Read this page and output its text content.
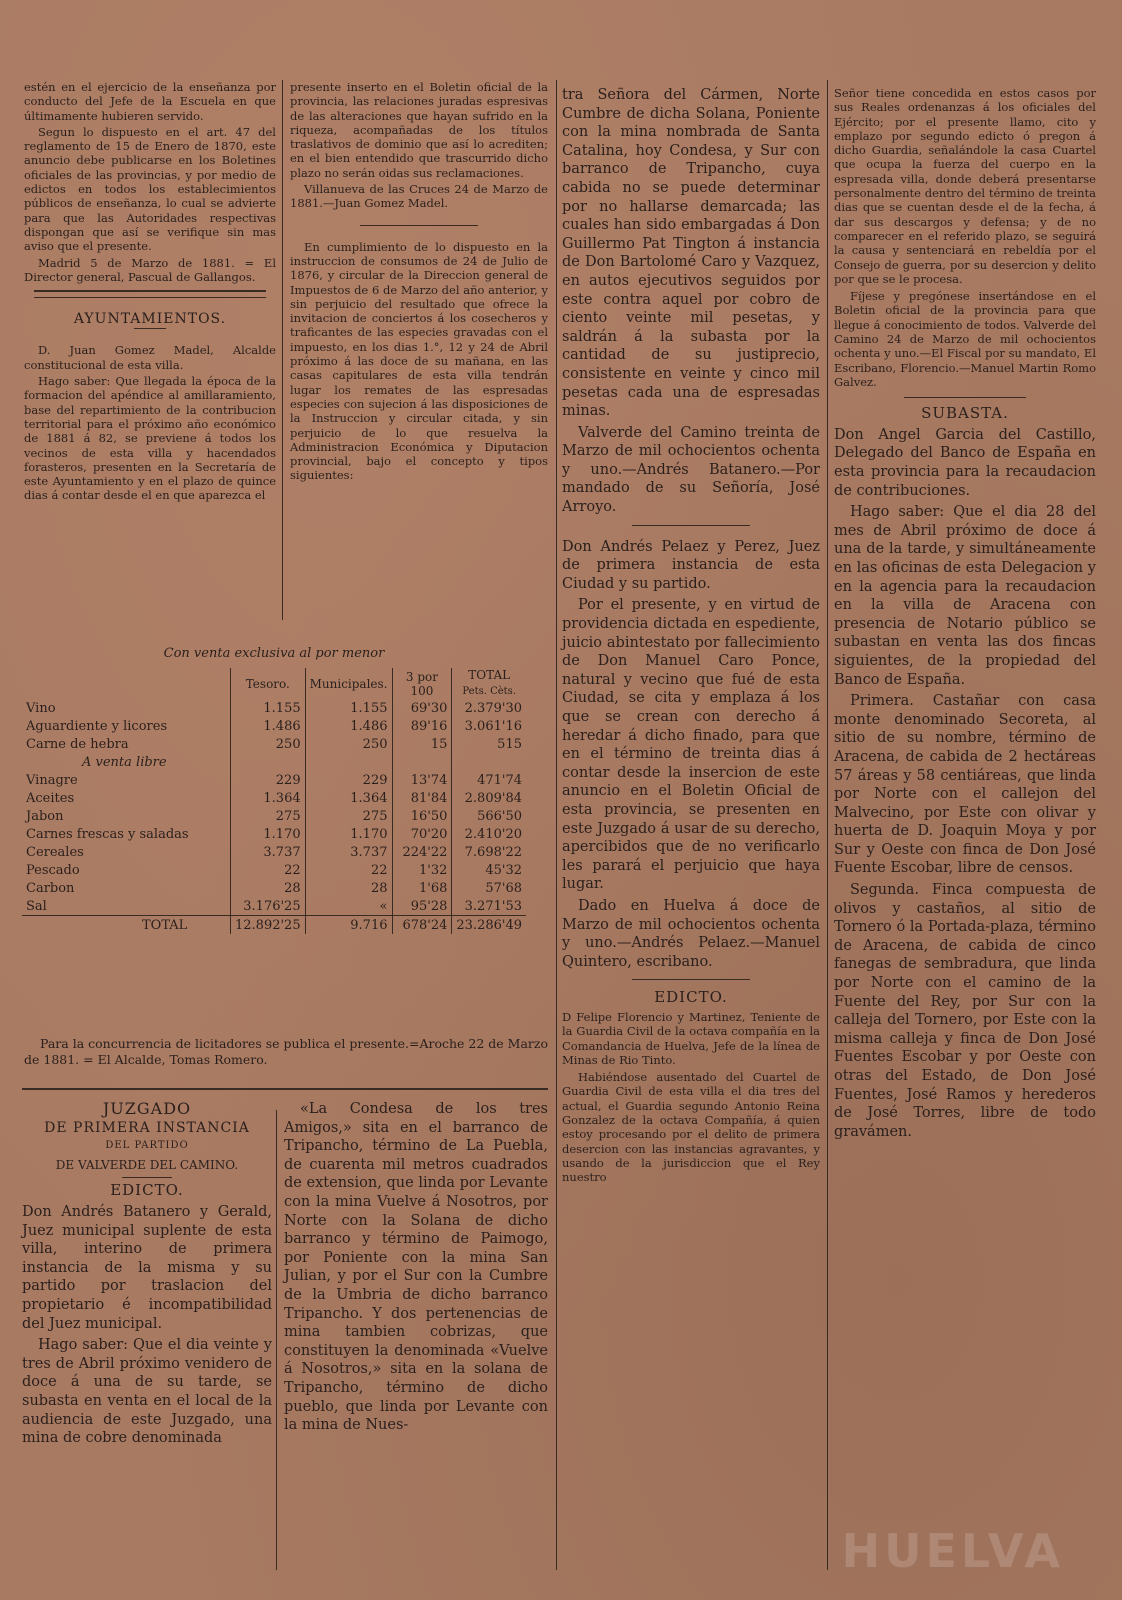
estén en el ejercicio de la enseñanza por conducto del Jefe de la Escuela en que últimamente hubieren servido.

Segun lo dispuesto en el art. 47 del reglamento de 15 de Enero de 1870, este anuncio debe publicarse en los Boletines oficiales de las provincias, y por medio de edictos en todos los establecimientos públicos de enseñanza, lo cual se advierte para que las Autoridades respectivas dispongan que así se verifique sin mas aviso que el presente.

Madrid 5 de Marzo de 1881. = El Director general, Pascual de Gallangos.

AYUNTAMIENTOS.

D. Juan Gomez Madel, Alcalde constitucional de esta villa.

Hago saber: Que llegada la época de la formacion del apéndice al amillaramiento, base del repartimiento de la contribucion territorial para el próximo año económico de 1881 á 82, se previene á todos los vecinos de esta villa y hacendados forasteros, presenten en la Secretaría de este Ayuntamiento y en el plazo de quince dias á contar desde el en que aparezca el

presente inserto en el Boletin oficial de la provincia, las relaciones juradas espresivas de las alteraciones que hayan sufrido en la riqueza, acompañadas de los títulos traslativos de dominio que así lo acrediten; en el bien entendido que trascurrido dicho plazo no serán oidas sus reclamaciones.

Villanueva de las Cruces 24 de Marzo de 1881.—Juan Gomez Madel.

En cumplimiento de lo dispuesto en la instruccion de consumos de 24 de Julio de 1876, y circular de la Direccion general de Impuestos de 6 de Marzo del año anterior, y sin perjuicio del resultado que ofrece la invitacion de conciertos á los cosecheros y traficantes de las especies gravadas con el impuesto, en los dias 1.°, 12 y 24 de Abril próximo á las doce de su mañana, en las casas capitulares de esta villa tendrán lugar los remates de las espresadas especies con sujecion á las disposiciones de la Instruccion y circular citada, y sin perjuicio de lo que resuelva la Administracion Económica y Diputacion provincial, bajo el concepto y tipos siguientes:

Con venta exclusiva al por menor
	Tesoro.	Municipales.	3 por 100	TOTAL
Pets. Cèts.
Vino	1.155	1.155	69'30	2.379'30
Aguardiente y licores	1.486	1.486	89'16	3.061'16
Carne de hebra	250	250	15	515
A venta libre				
Vinagre	229	229	13'74	471'74
Aceites	1.364	1.364	81'84	2.809'84
Jabon	275	275	16'50	566'50
Carnes frescas y saladas	1.170	1.170	70'20	2.410'20
Cereales	3.737	3.737	224'22	7.698'22
Pescado	22	22	1'32	45'32
Carbon	28	28	1'68	57'68
Sal	3.176'25	«	95'28	3.271'53
TOTAL	12.892'25	9.716	678'24	23.286'49
Para la concurrencia de licitadores se publica el presente.=Aroche 22 de Marzo de 1881. = El Alcalde, Tomas Romero.

JUZGADO

DE PRIMERA INSTANCIA

DEL PARTIDO

DE VALVERDE DEL CAMINO.

EDICTO.

Don Andrés Batanero y Gerald, Juez municipal suplente de esta villa, interino de primera instancia de la misma y su partido por traslacion del propietario é incompatibilidad del Juez municipal.

Hago saber: Que el dia veinte y tres de Abril próximo venidero de doce á una de su tarde, se subasta en venta en el local de la audiencia de este Juzgado, una mina de cobre denominada

«La Condesa de los tres Amigos,» sita en el barranco de Tripancho, término de La Puebla, de cuarenta mil metros cuadrados de extension, que linda por Levante con la mina Vuelve á Nosotros, por Norte con la Solana de dicho barranco y término de Paimogo, por Poniente con la mina San Julian, y por el Sur con la Cumbre de la Umbria de dicho barranco Tripancho. Y dos pertenencias de mina tambien cobrizas, que constituyen la denominada «Vuelve á Nosotros,» sita en la solana de Tripancho, término de dicho pueblo, que linda por Levante con la mina de Nues-

tra Señora del Cármen, Norte Cumbre de dicha Solana, Poniente con la mina nombrada de Santa Catalina, hoy Condesa, y Sur con barranco de Tripancho, cuya cabida no se puede determinar por no hallarse demarcada; las cuales han sido embargadas á Don Guillermo Pat Tington á instancia de Don Bartolomé Caro y Vazquez, en autos ejecutivos seguidos por este contra aquel por cobro de ciento veinte mil pesetas, y saldrán á la subasta por la cantidad de su justiprecio, consistente en veinte y cinco mil pesetas cada una de espresadas minas.

Valverde del Camino treinta de Marzo de mil ochocientos ochenta y uno.—Andrés Batanero.—Por mandado de su Señoría, José Arroyo.

Don Andrés Pelaez y Perez, Juez de primera instancia de esta Ciudad y su partido.

Por el presente, y en virtud de providencia dictada en espediente, juicio abintestato por fallecimiento de Don Manuel Caro Ponce, natural y vecino que fué de esta Ciudad, se cita y emplaza á los que se crean con derecho á heredar á dicho finado, para que en el término de treinta dias á contar desde la insercion de este anuncio en el Boletin Oficial de esta provincia, se presenten en este Juzgado á usar de su derecho, apercibidos que de no verificarlo les parará el perjuicio que haya lugar.

Dado en Huelva á doce de Marzo de mil ochocientos ochenta y uno.—Andrés Pelaez.—Manuel Quintero, escribano.

EDICTO.

D Felipe Florencio y Martinez, Teniente de la Guardia Civil de la octava compañía en la Comandancia de Huelva, Jefe de la línea de Minas de Rio Tinto.

Habiéndose ausentado del Cuartel de Guardia Civil de esta villa el dia tres del actual, el Guardia segundo Antonio Reina Gonzalez de la octava Compañía, á quien estoy procesando por el delito de primera desercion con las instancias agravantes, y usando de la jurisdiccion que el Rey nuestro

Señor tiene concedida en estos casos por sus Reales ordenanzas á los oficiales del Ejército; por el presente llamo, cito y emplazo por segundo edicto ó pregon á dicho Guardia, señalándole la casa Cuartel que ocupa la fuerza del cuerpo en la espresada villa, donde deberá presentarse personalmente dentro del término de treinta dias que se cuentan desde el de la fecha, á dar sus descargos y defensa; y de no comparecer en el referido plazo, se seguirá la causa y sentenciará en rebeldía por el Consejo de guerra, por su desercion y delito por que se le procesa.

Fíjese y pregónese insertándose en el Boletin oficial de la provincia para que llegue á conocimiento de todos. Valverde del Camino 24 de Marzo de mil ochocientos ochenta y uno.—El Fiscal por su mandato, El Escribano, Florencio.—Manuel Martin Romo Galvez.

SUBASTA.

Don Angel Garcia del Castillo, Delegado del Banco de España en esta provincia para la recaudacion de contribuciones.

Hago saber: Que el dia 28 del mes de Abril próximo de doce á una de la tarde, y simultáneamente en las oficinas de esta Delegacion y en la agencia para la recaudacion en la villa de Aracena con presencia de Notario público se subastan en venta las dos fincas siguientes, de la propiedad del Banco de España.

Primera. Castañar con casa monte denominado Secoreta, al sitio de su nombre, término de Aracena, de cabida de 2 hectáreas 57 áreas y 58 centiáreas, que linda por Norte con el callejon del Malvecino, por Este con olivar y huerta de D. Joaquin Moya y por Sur y Oeste con finca de Don José Fuente Escobar, libre de censos.

Segunda. Finca compuesta de olivos y castaños, al sitio de Tornero ó la Portada-plaza, término de Aracena, de cabida de cinco fanegas de sembradura, que linda por Norte con el camino de la Fuente del Rey, por Sur con la calleja del Tornero, por Este con la misma calleja y finca de Don José Fuentes Escobar y por Oeste con otras del Estado, de Don José Fuentes, José Ramos y herederos de José Torres, libre de todo gravámen.

HUELVA
